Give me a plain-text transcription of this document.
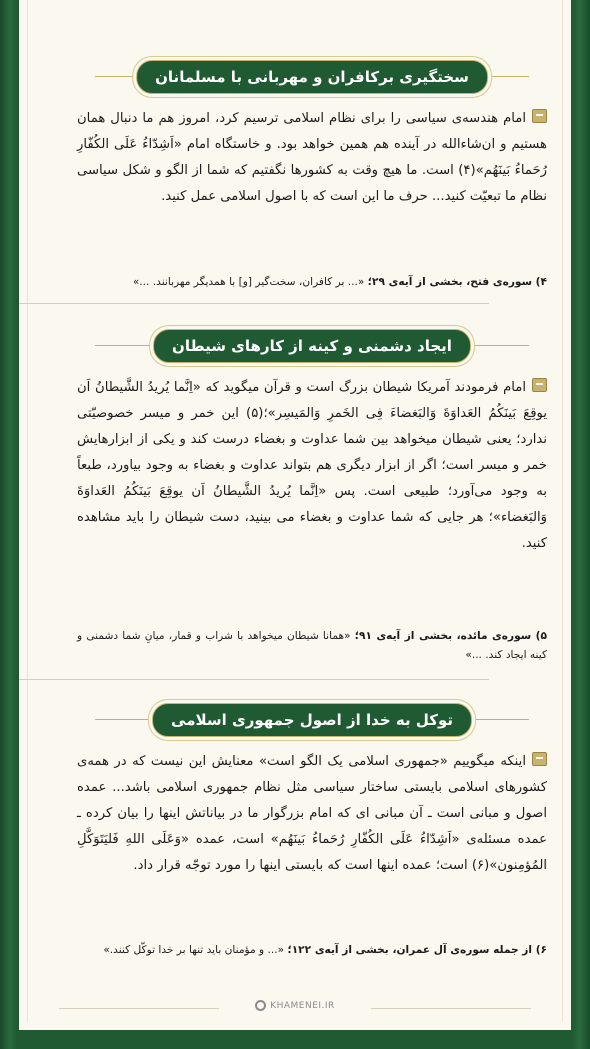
سختگیری برکافران و مهربانی با مسلمانان

امام هندسه‌ی سیاسی را برای نظام اسلامی ترسیم کرد، امروز هم ما دنبال همان هستیم و ان‌شاءالله در آینده هم همین خواهد بود. و خاستگاه امام «اَشِدّاءُ عَلَی الکُفّارِ رُحَماءُ بَینَهُم»(۴) است. ما هیچ وقت به کشورها نگفتیم که شما از الگو و شکل سیاسی نظام ما تبعیّت کنید... حرف ما این است که با اصول اسلامی عمل کنید.

۴) سوره‌ی فتح، بخشی از آیه‌ی ۲۹؛ «... بر کافران، سخت‌گیر [و] با همدیگر مهربانند. ...»

ایجاد دشمنی و کینه از کارهای شیطان

امام فرمودند آمریکا شیطان بزرگ است و قرآن میگوید که «اِنَّما یُریدُ الشَّیطانُ اَن یوقِعَ بَینَکُمُ العَداوَةَ وَالبَغضاءَ فِی الخَمرِ وَالمَیسِر»؛(۵) این خمر و میسر خصوصیّتی ندارد؛ یعنی شیطان میخواهد بین شما عداوت و بغضاء درست کند و یکی از ابزارهایش خمر و میسر است؛ اگر از ابزار دیگری هم بتواند عداوت و بغضاء به وجود بیاورد، طبعاً به وجود می‌آورد؛ طبیعی است. پس «اِنَّما یُریدُ الشَّیطانُ اَن یوقِعَ بَینَکُمُ العَداوَةَ وَالبَغضاء»؛ هر جایی که شما عداوت و بغضاء می بینید، دست شیطان را باید مشاهده کنید.

۵) سوره‌ی مائده، بخشی از آیه‌ی ۹۱؛ «همانا شیطان میخواهد با شراب و قمار، میانِ شما دشمنی و کینه ایجاد کند. ...»

توکل به خدا از اصول جمهوری اسلامی

اینکه میگوییم «جمهوری اسلامی یک الگو است» معنایش این نیست که در همه‌ی کشورهای اسلامی بایستی ساختار سیاسی مثل نظام جمهوری اسلامی باشد... عمده اصول و مبانی است ـ آن مبانی ای که امام بزرگوار ما در بیاناتش اینها را بیان کرده ـ عمده مسئله‌ی «اَشِدّاءُ عَلَی الکُفّارِ رُحَماءُ بَینَهُم» است، عمده «وَعَلَی اللهِ فَلیَتَوَکَّلِ المُؤمِنون»(۶) است؛ عمده اینها است که بایستی اینها را مورد توجّه قرار داد.

۶) از جمله سوره‌ی آل عمران، بخشی از آیه‌ی ۱۲۲؛ «... و مؤمنان باید تنها بر خدا توکّل کنند.»

KHAMENEI.IR
